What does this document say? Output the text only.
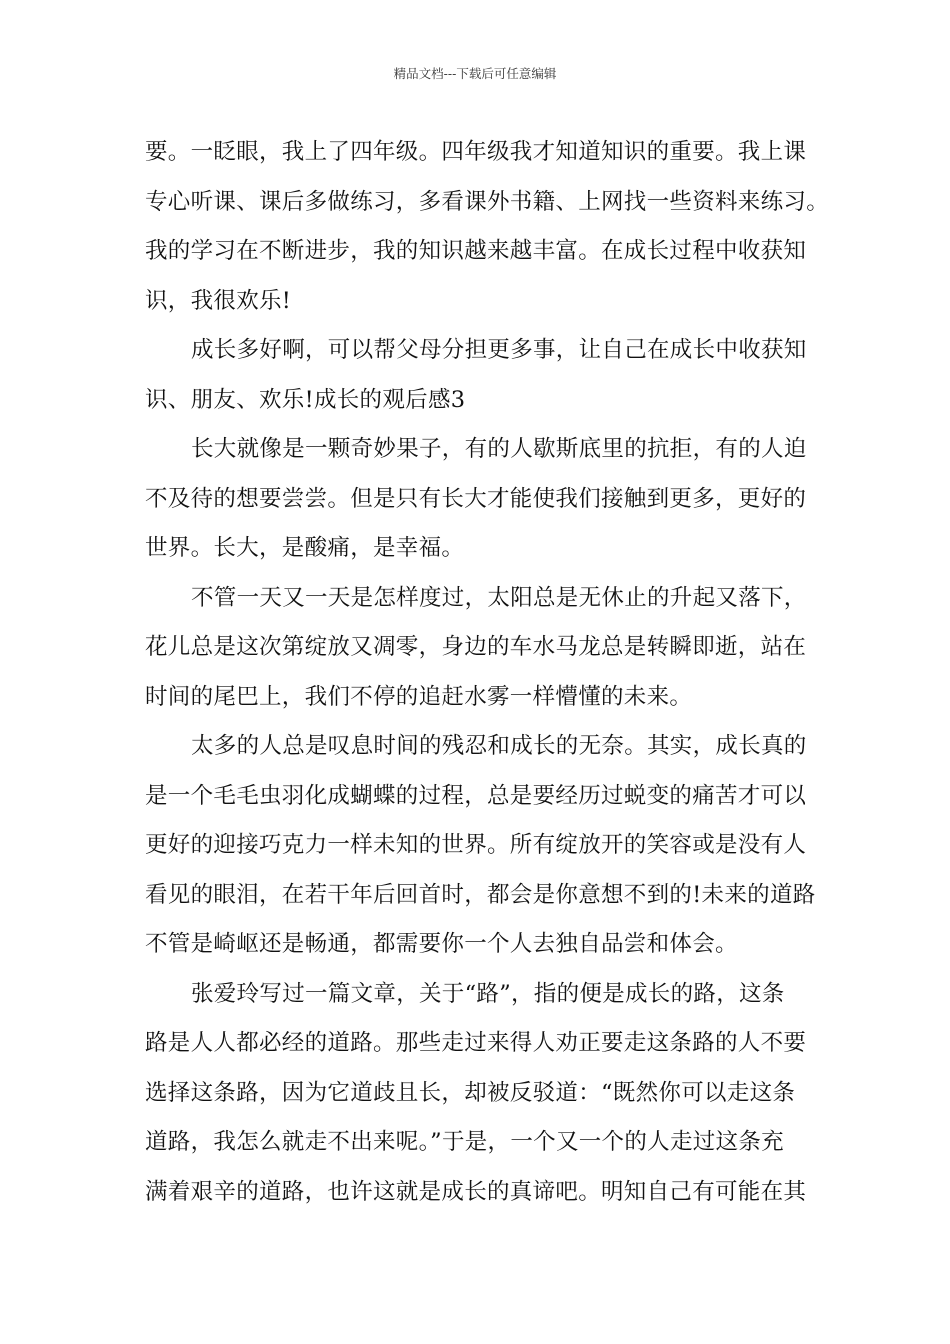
精品文档---下载后可任意编辑
要。一眨眼，我上了四年级。四年级我才知道知识的重要。我上课
专心听课、课后多做练习，多看课外书籍、上网找一些资料来练习。
我的学习在不断进步，我的知识越来越丰富。在成长过程中收获知
识，我很欢乐!
成长多好啊，可以帮父母分担更多事，让自己在成长中收获知
识、朋友、欢乐!成长的观后感3
长大就像是一颗奇妙果子，有的人歇斯底里的抗拒，有的人迫
不及待的想要尝尝。但是只有长大才能使我们接触到更多，更好的
世界。长大，是酸痛，是幸福。
不管一天又一天是怎样度过，太阳总是无休止的升起又落下，
花儿总是这次第绽放又凋零，身边的车水马龙总是转瞬即逝，站在
时间的尾巴上，我们不停的追赶水雾一样懵懂的未来。
太多的人总是叹息时间的残忍和成长的无奈。其实，成长真的
是一个毛毛虫羽化成蝴蝶的过程，总是要经历过蜕变的痛苦才可以
更好的迎接巧克力一样未知的世界。所有绽放开的笑容或是没有人
看见的眼泪，在若干年后回首时，都会是你意想不到的!未来的道路
不管是崎岖还是畅通，都需要你一个人去独自品尝和体会。
张爱玲写过一篇文章，关于“路”，指的便是成长的路，这条
路是人人都必经的道路。那些走过来得人劝正要走这条路的人不要
选择这条路，因为它道歧且长，却被反驳道：“既然你可以走这条
道路，我怎么就走不出来呢。”于是，一个又一个的人走过这条充
满着艰辛的道路，也许这就是成长的真谛吧。明知自己有可能在其
